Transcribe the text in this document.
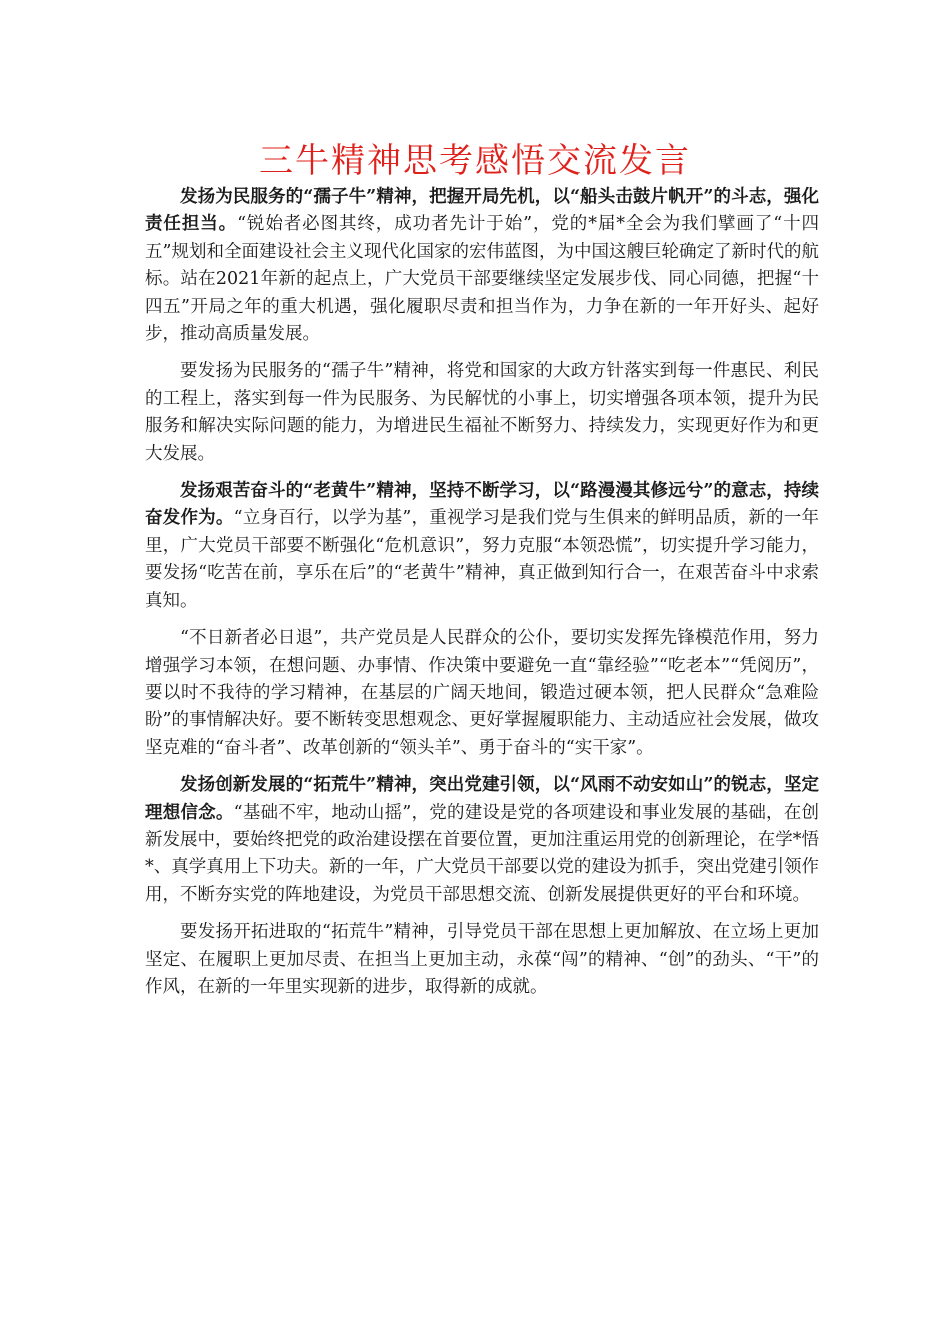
三牛精神思考感悟交流发言

发扬为民服务的“孺子牛”精神，把握开局先机，以“船头击鼓片帆开”的斗志，强化责任担当。“锐始者必图其终，成功者先计于始”，党的*届*全会为我们擘画了“十四五”规划和全面建设社会主义现代化国家的宏伟蓝图，为中国这艘巨轮确定了新时代的航标。站在2021年新的起点上，广大党员干部要继续坚定发展步伐、同心同德，把握“十四五”开局之年的重大机遇，强化履职尽责和担当作为，力争在新的一年开好头、起好步，推动高质量发展。

要发扬为民服务的“孺子牛”精神，将党和国家的大政方针落实到每一件惠民、利民的工程上，落实到每一件为民服务、为民解忧的小事上，切实增强各项本领，提升为民服务和解决实际问题的能力，为增进民生福祉不断努力、持续发力，实现更好作为和更大发展。

发扬艰苦奋斗的“老黄牛”精神，坚持不断学习，以“路漫漫其修远兮”的意志，持续奋发作为。“立身百行，以学为基”，重视学习是我们党与生俱来的鲜明品质，新的一年里，广大党员干部要不断强化“危机意识”，努力克服“本领恐慌”，切实提升学习能力，要发扬“吃苦在前，享乐在后”的“老黄牛”精神，真正做到知行合一，在艰苦奋斗中求索真知。

“不日新者必日退”，共产党员是人民群众的公仆，要切实发挥先锋模范作用，努力增强学习本领，在想问题、办事情、作决策中要避免一直“靠经验”“吃老本”“凭阅历”，要以时不我待的学习精神，在基层的广阔天地间，锻造过硬本领，把人民群众“急难险盼”的事情解决好。要不断转变思想观念、更好掌握履职能力、主动适应社会发展，做攻坚克难的“奋斗者”、改革创新的“领头羊”、勇于奋斗的“实干家”。

发扬创新发展的“拓荒牛”精神，突出党建引领，以“风雨不动安如山”的锐志，坚定理想信念。“基础不牢，地动山摇”，党的建设是党的各项建设和事业发展的基础，在创新发展中，要始终把党的政治建设摆在首要位置，更加注重运用党的创新理论，在学*悟*、真学真用上下功夫。新的一年，广大党员干部要以党的建设为抓手，突出党建引领作用，不断夯实党的阵地建设，为党员干部思想交流、创新发展提供更好的平台和环境。

要发扬开拓进取的“拓荒牛”精神，引导党员干部在思想上更加解放、在立场上更加坚定、在履职上更加尽责、在担当上更加主动，永葆“闯”的精神、“创”的劲头、“干”的作风，在新的一年里实现新的进步，取得新的成就。
